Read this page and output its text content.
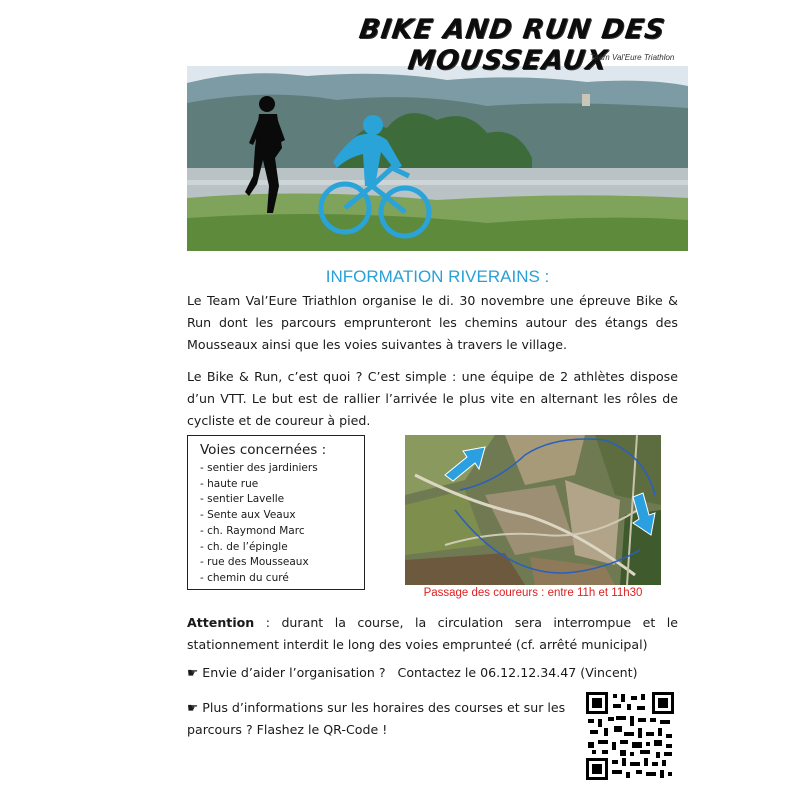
BIKE AND RUN DES MOUSSEAUX
Team Val'Eure Triathlon
INFORMATION RIVERAINS :
Le Team Val’Eure Triathlon organise le di. 30 novembre une épreuve Bike & Run dont les parcours emprunteront les chemins autour des étangs des Mousseaux ainsi que les voies suivantes à travers le village.
Le Bike & Run, c’est quoi ? C’est simple : une équipe de 2 athlètes dispose d’un VTT. Le but est de rallier l’arrivée le plus vite en alternant les rôles de cycliste et de coureur à pied.
Voies concernées :
- sentier des jardiniers
- haute rue
- sentier Lavelle
- Sente aux Veaux
- ch. Raymond Marc
- ch. de l’épingle
- rue des Mousseaux
- chemin du curé
Passage des coureurs : entre 11h et 11h30
Attention : durant la course, la circulation sera interrompue et le stationnement interdit le long des voies emprunteé (cf. arrêté municipal)
☛ Envie d’aider l’organisation ? Contactez le 06.12.12.34.47 (Vincent)
☛ Plus d’informations sur les horaires des courses et sur les parcours ? Flashez le QR-Code !
